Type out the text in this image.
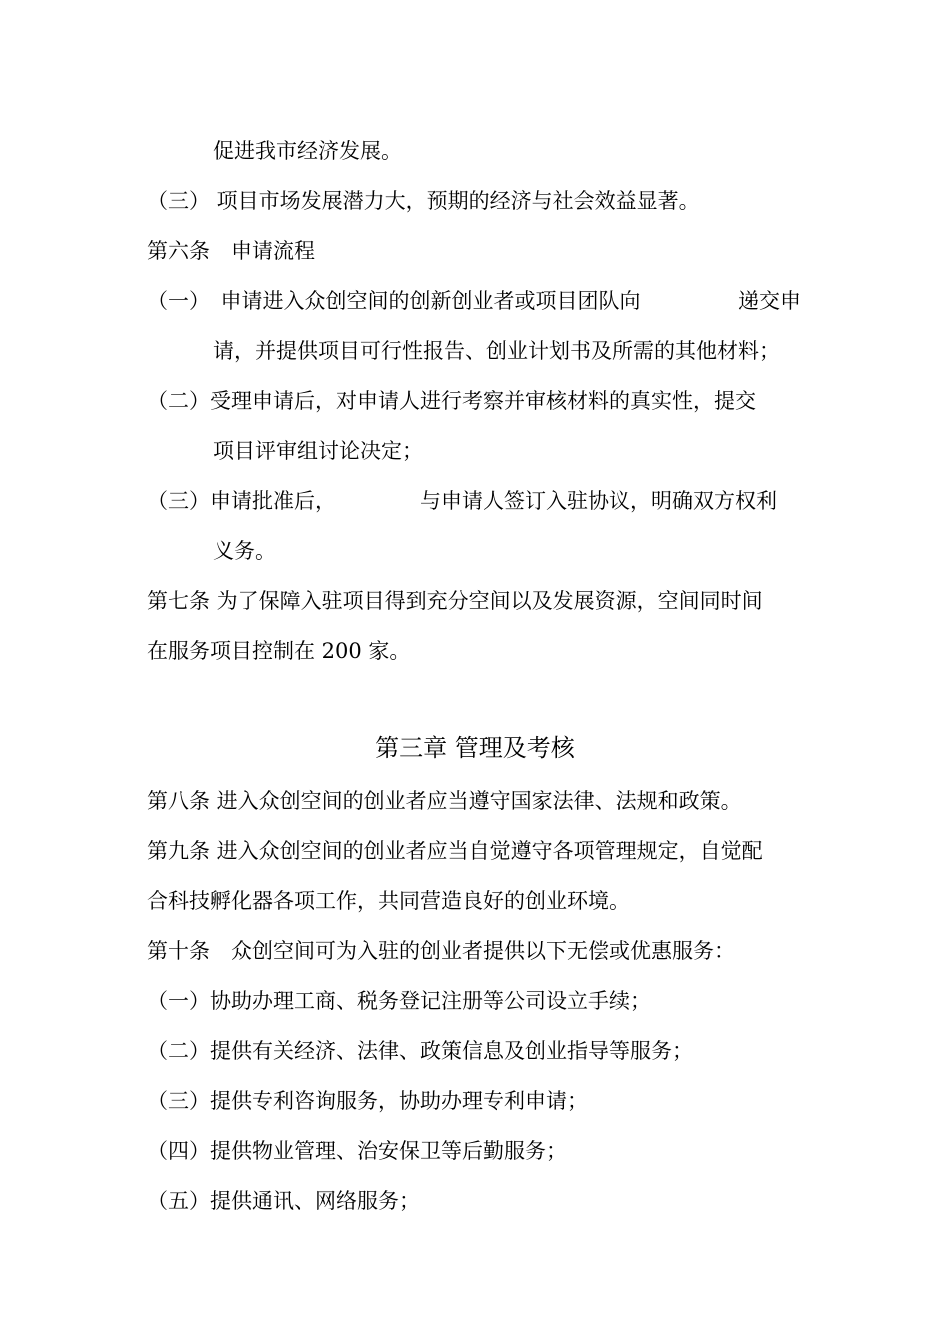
促进我市经济发展。
（三） 项目市场发展潜力大，预期的经济与社会效益显著。
第六条　申请流程
（一）　申请进入众创空间的创新创业者或项目团队向	递交申
请，并提供项目可行性报告、创业计划书及所需的其他材料；
（二）受理申请后，对申请人进行考察并审核材料的真实性，提交
项目评审组讨论决定；
（三）申请批准后，	与申请人签订入驻协议，明确双方权利
义务。
第七条 为了保障入驻项目得到充分空间以及发展资源，空间同时间
在服务项目控制在 200 家。
第三章 管理及考核
第八条 进入众创空间的创业者应当遵守国家法律、法规和政策。
第九条 进入众创空间的创业者应当自觉遵守各项管理规定，自觉配
合科技孵化器各项工作，共同营造良好的创业环境。
第十条　众创空间可为入驻的创业者提供以下无偿或优惠服务：
（一）协助办理工商、税务登记注册等公司设立手续；
（二）提供有关经济、法律、政策信息及创业指导等服务；
（三）提供专利咨询服务，协助办理专利申请；
（四）提供物业管理、治安保卫等后勤服务；
（五）提供通讯、网络服务；
